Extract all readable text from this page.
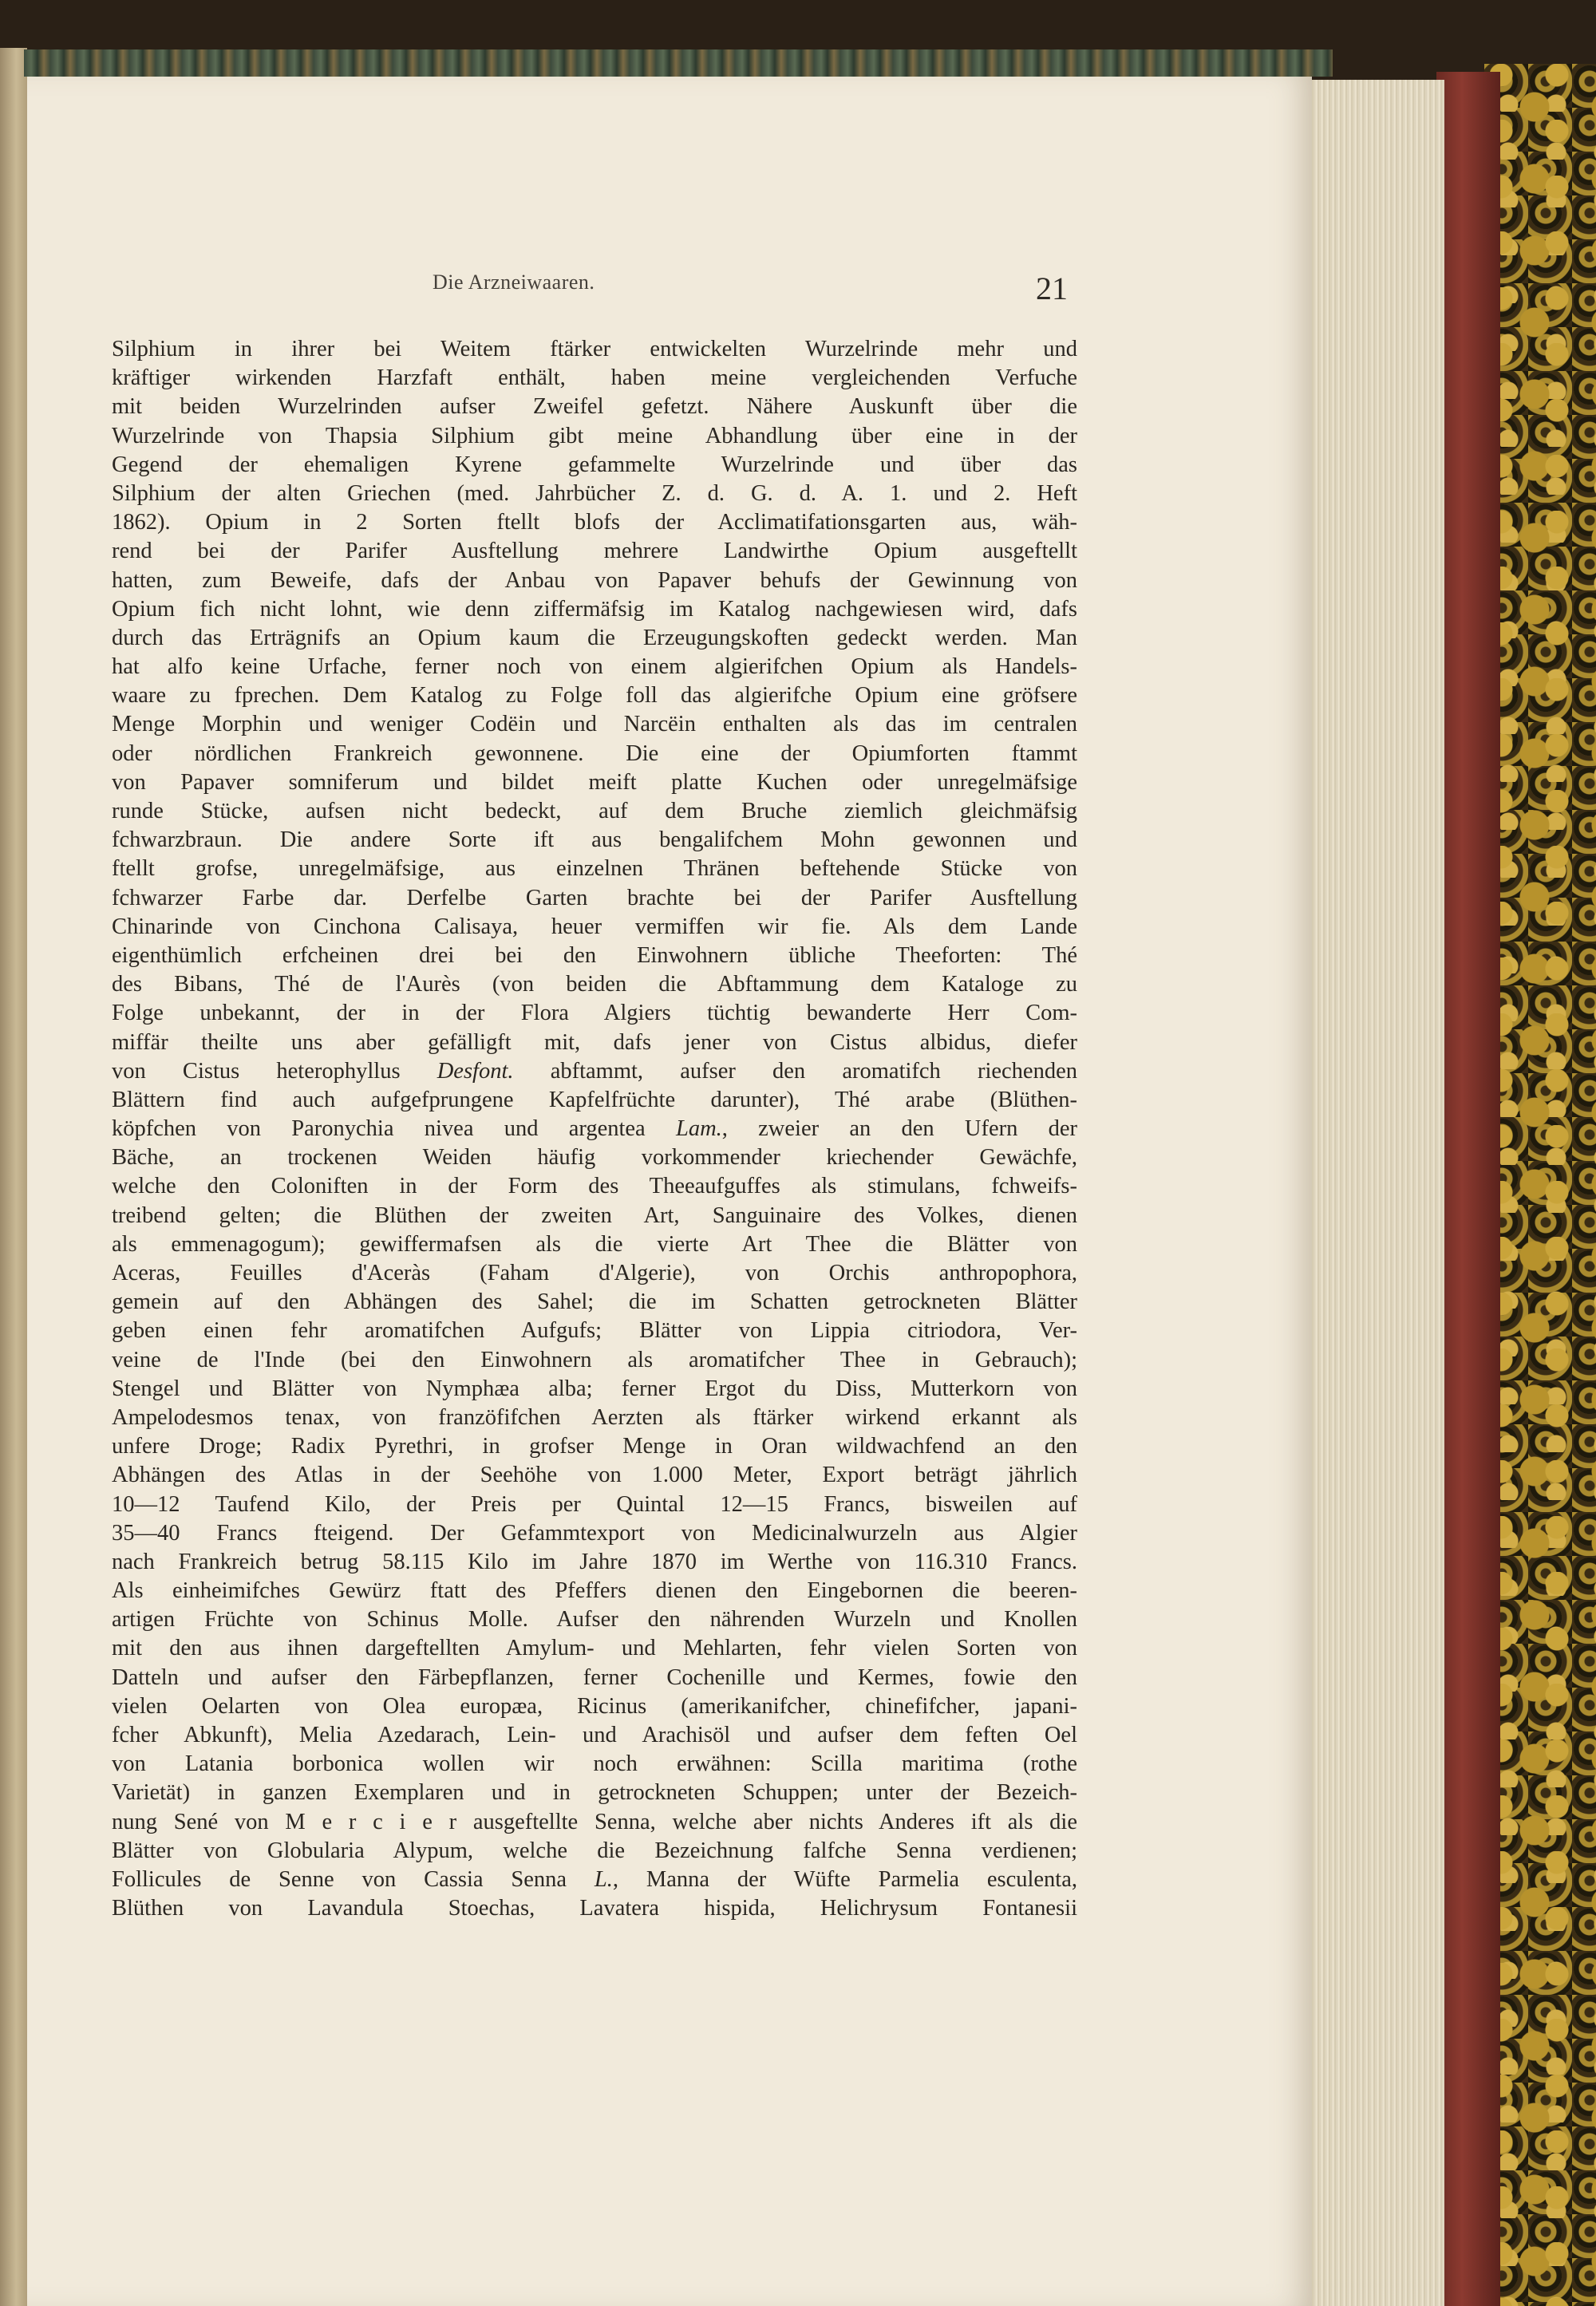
Die Arzneiwaaren.	21
Silphium in ihrer bei Weitem ftärker entwickelten Wurzelrinde mehr und
kräftiger wirkenden Harzfaft enthält, haben meine vergleichenden Verfuche
mit beiden Wurzelrinden aufser Zweifel gefetzt. Nähere Auskunft über die
Wurzelrinde von Thapsia Silphium gibt meine Abhandlung über eine in der
Gegend der ehemaligen Kyrene gefammelte Wurzelrinde und über das
Silphium der alten Griechen (med. Jahrbücher Z. d. G. d. A. 1. und 2. Heft
1862). Opium in 2 Sorten ftellt blofs der Acclimatifationsgarten aus, wäh-
rend bei der Parifer Ausftellung mehrere Landwirthe Opium ausgeftellt
hatten, zum Beweife, dafs der Anbau von Papaver behufs der Gewinnung von
Opium fich nicht lohnt, wie denn ziffermäfsig im Katalog nachgewiesen wird, dafs
durch das Erträgnifs an Opium kaum die Erzeugungskoften gedeckt werden. Man
hat alfo keine Urfache, ferner noch von einem algierifchen Opium als Handels-
waare zu fprechen. Dem Katalog zu Folge foll das algierifche Opium eine gröfsere
Menge Morphin und weniger Codëin und Narcëin enthalten als das im centralen
oder nördlichen Frankreich gewonnene. Die eine der Opiumforten ftammt
von Papaver somniferum und bildet meift platte Kuchen oder unregelmäfsige
runde Stücke, aufsen nicht bedeckt, auf dem Bruche ziemlich gleichmäfsig
fchwarzbraun. Die andere Sorte ift aus bengalifchem Mohn gewonnen und
ftellt grofse, unregelmäfsige, aus einzelnen Thränen beftehende Stücke von
fchwarzer Farbe dar. Derfelbe Garten brachte bei der Parifer Ausftellung
Chinarinde von Cinchona Calisaya, heuer vermiffen wir fie. Als dem Lande
eigenthümlich erfcheinen drei bei den Einwohnern übliche Theeforten: Thé
des Bibans, Thé de l'Aurès (von beiden die Abftammung dem Kataloge zu
Folge unbekannt, der in der Flora Algiers tüchtig bewanderte Herr Com-
miffär theilte uns aber gefälligft mit, dafs jener von Cistus albidus, diefer
von Cistus heterophyllus Desfont. abftammt, aufser den aromatifch riechenden
Blättern find auch aufgefprungene Kapfelfrüchte darunter), Thé arabe (Blüthen-
köpfchen von Paronychia nivea und argentea Lam., zweier an den Ufern der
Bäche, an trockenen Weiden häufig vorkommender kriechender Gewächfe,
welche den Coloniften in der Form des Theeaufguffes als stimulans, fchweifs-
treibend gelten; die Blüthen der zweiten Art, Sanguinaire des Volkes, dienen
als emmenagogum); gewiffermafsen als die vierte Art Thee die Blätter von
Aceras, Feuilles d'Aceràs (Faham d'Algerie), von Orchis anthropophora,
gemein auf den Abhängen des Sahel; die im Schatten getrockneten Blätter
geben einen fehr aromatifchen Aufgufs; Blätter von Lippia citriodora, Ver-
veine de l'Inde (bei den Einwohnern als aromatifcher Thee in Gebrauch);
Stengel und Blätter von Nymphæa alba; ferner Ergot du Diss, Mutterkorn von
Ampelodesmos tenax, von franzöfifchen Aerzten als ftärker wirkend erkannt als
unfere Droge; Radix Pyrethri, in grofser Menge in Oran wildwachfend an den
Abhängen des Atlas in der Seehöhe von 1.000 Meter, Export beträgt jährlich
10—12 Taufend Kilo, der Preis per Quintal 12—15 Francs, bisweilen auf
35—40 Francs fteigend. Der Gefammtexport von Medicinalwurzeln aus Algier
nach Frankreich betrug 58.115 Kilo im Jahre 1870 im Werthe von 116.310 Francs.
Als einheimifches Gewürz ftatt des Pfeffers dienen den Eingebornen die beeren-
artigen Früchte von Schinus Molle. Aufser den nährenden Wurzeln und Knollen
mit den aus ihnen dargeftellten Amylum- und Mehlarten, fehr vielen Sorten von
Datteln und aufser den Färbepflanzen, ferner Cochenille und Kermes, fowie den
vielen Oelarten von Olea europæa, Ricinus (amerikanifcher, chinefifcher, japani-
fcher Abkunft), Melia Azedarach, Lein- und Arachisöl und aufser dem feften Oel
von Latania borbonica wollen wir noch erwähnen: Scilla maritima (rothe
Varietät) in ganzen Exemplaren und in getrockneten Schuppen; unter der Bezeich-
nung Sené von M e r c i e r ausgeftellte Senna, welche aber nichts Anderes ift als die
Blätter von Globularia Alypum, welche die Bezeichnung falfche Senna verdienen;
Follicules de Senne von Cassia Senna L., Manna der Wüfte Parmelia esculenta,
Blüthen von Lavandula Stoechas, Lavatera hispida, Helichrysum Fontanesii
